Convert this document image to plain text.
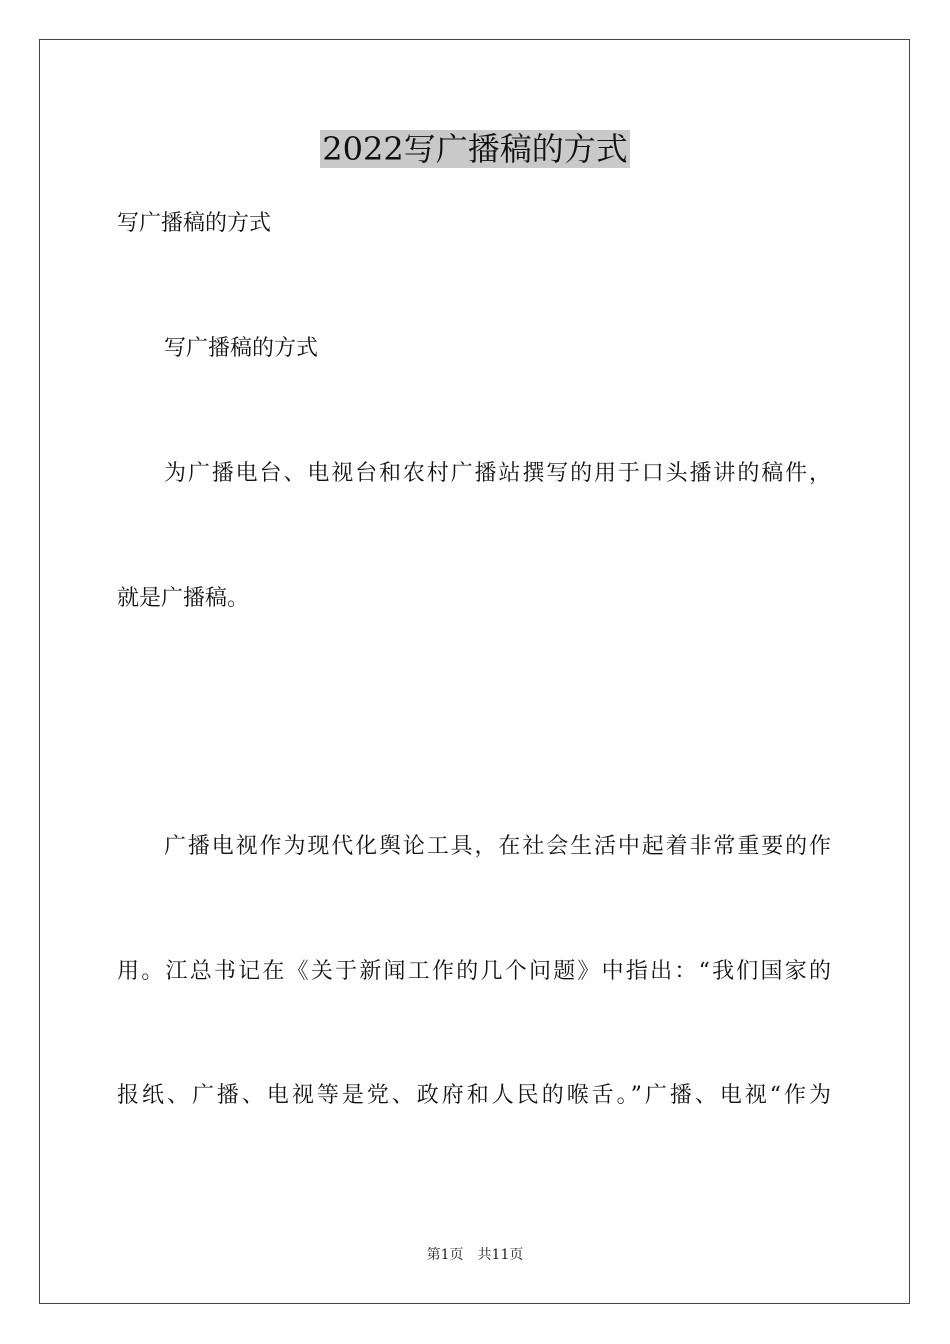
2022写广播稿的方式
写广播稿的方式
写广播稿的方式
为广播电台、电视台和农村广播站撰写的用于口头播讲的稿件，
就是广播稿。
广播电视作为现代化舆论工具，在社会生活中起着非常重要的作
用。江总书记在《关于新闻工作的几个问题》中指出：“我们国家的
报纸、广播、电视等是党、政府和人民的喉舌。”广播、电视“作为
第1页 共11页
